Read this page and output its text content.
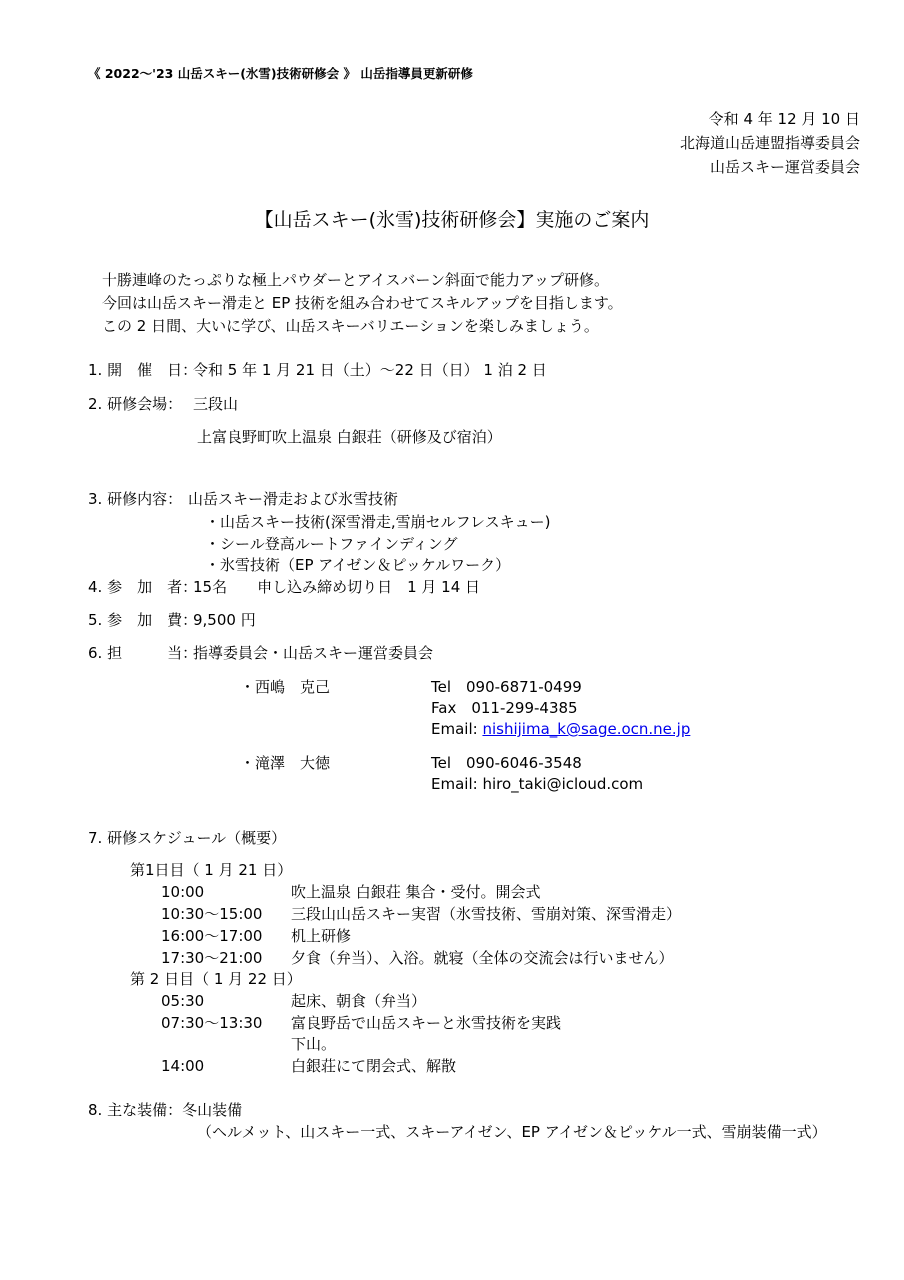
《 2022～'23 山岳スキー(氷雪)技術研修会 》 山岳指導員更新研修
令和 4 年 12 月 10 日
北海道山岳連盟指導委員会
山岳スキー運営委員会
【山岳スキー(氷雪)技術研修会】実施のご案内
十勝連峰のたっぷりな極上パウダーとアイスバーン斜面で能力アップ研修。
今回は山岳スキー滑走と EP 技術を組み合わせてスキルアップを目指します。
この 2 日間、大いに学び、山岳スキーバリエーションを楽しみましょう。
1. 開　催　日：
令和 5 年 1 月 21 日（土）～22 日（日） 1 泊 2 日
2. 研修会場： 三段山
上富良野町吹上温泉 白銀荘（研修及び宿泊）
3. 研修内容： 山岳スキー滑走および氷雪技術
・山岳スキー技術(深雪滑走,雪崩セルフレスキュー)
・シール登高ルートファインディング
・氷雪技術（EP アイゼン＆ピッケルワーク）
4. 参　加　者：
15名　　申し込み締め切り日　1 月 14 日
5. 参　加　費：
9,500 円
6. 担　　　当：
指導委員会・山岳スキー運営委員会
・西嶋　克己	Tel　090-6871-0499
Fax　011-299-4385
Email: nishijima_k@sage.ocn.ne.jp
・滝澤　大徳	Tel　090-6046-3548
Email: hiro_taki@icloud.com
7. 研修スケジュール（概要）
第1日目（ 1 月 21 日）
10:00	吹上温泉 白銀荘 集合・受付。開会式
10:30～15:00 三段山山岳スキー実習（氷雪技術、雪崩対策、深雪滑走）
16:00～17:00 机上研修
17:30～21:00 夕食（弁当）、入浴。就寝（全体の交流会は行いません）
第 2 日目（ 1 月 22 日）
05:30	起床、朝食（弁当）
07:30～13:30 富良野岳で山岳スキーと氷雪技術を実践
下山。
14:00	白銀荘にて閉会式、解散
8. 主な装備：冬山装備
（ヘルメット、山スキー一式、スキーアイゼン、EP アイゼン＆ピッケル一式、雪崩装備一式）
